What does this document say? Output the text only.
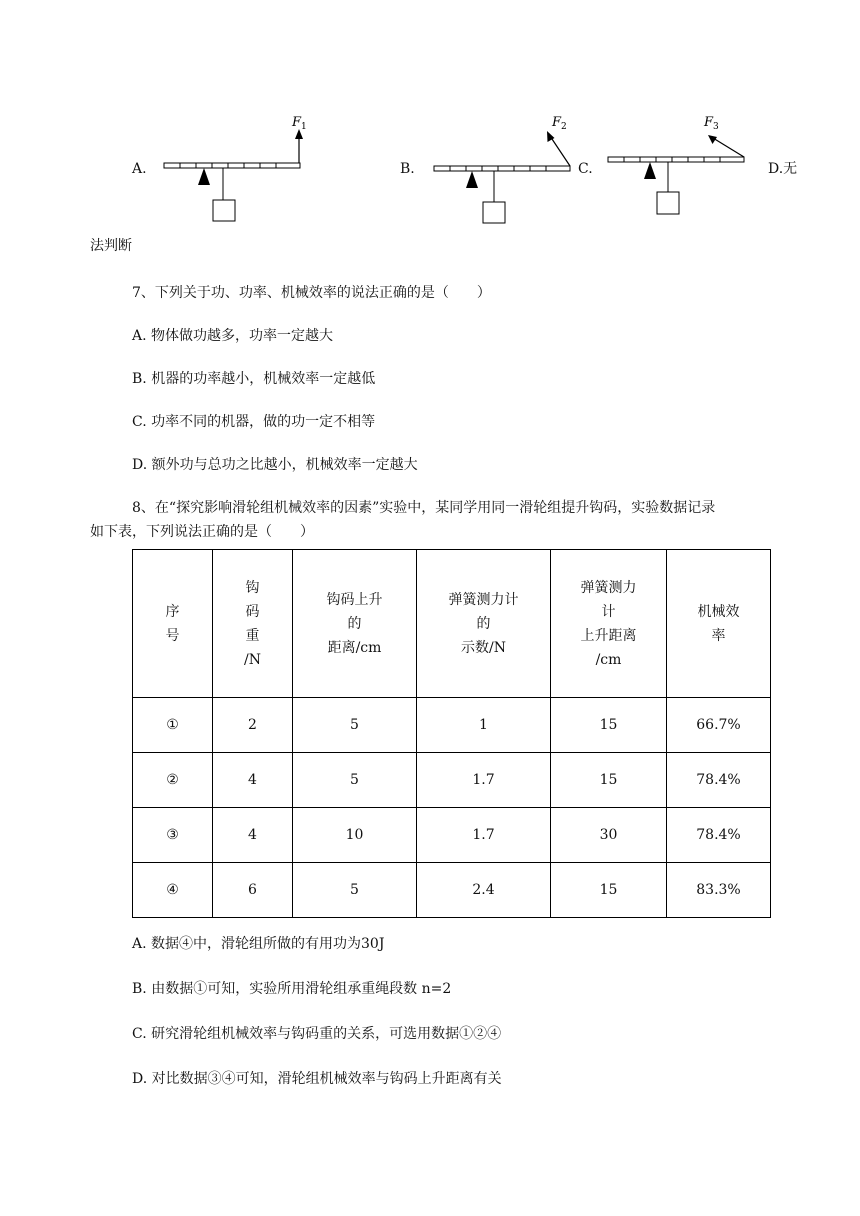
A.	B.	C.	D.无
法判断
$F_1$	$F_2$	$F_3$
7、下列关于功、功率、机械效率的说法正确的是（　　）
A. 物体做功越多，功率一定越大
B. 机器的功率越小，机械效率一定越低
C. 功率不同的机器，做的功一定不相等
D. 额外功与总功之比越小，机械效率一定越大
8、在“探究影响滑轮组机械效率的因素”实验中，某同学用同一滑轮组提升钩码，实验数据记录
如下表，下列说法正确的是（　　）
序
号	钩
码
重
/N	钩码上升
的
距离/cm	弹簧测力计
的
示数/N	弹簧测力
计
上升距离
/cm	机械效
率

①	2	5	1	15	66.7%
②	4	5	1.7	15	78.4%
③	4	10	1.7	30	78.4%
④	6	5	2.4	15	83.3%
A. 数据④中，滑轮组所做的有用功为30J
B. 由数据①可知，实验所用滑轮组承重绳段数 n=2
C. 研究滑轮组机械效率与钩码重的关系，可选用数据①②④
D. 对比数据③④可知，滑轮组机械效率与钩码上升距离有关
